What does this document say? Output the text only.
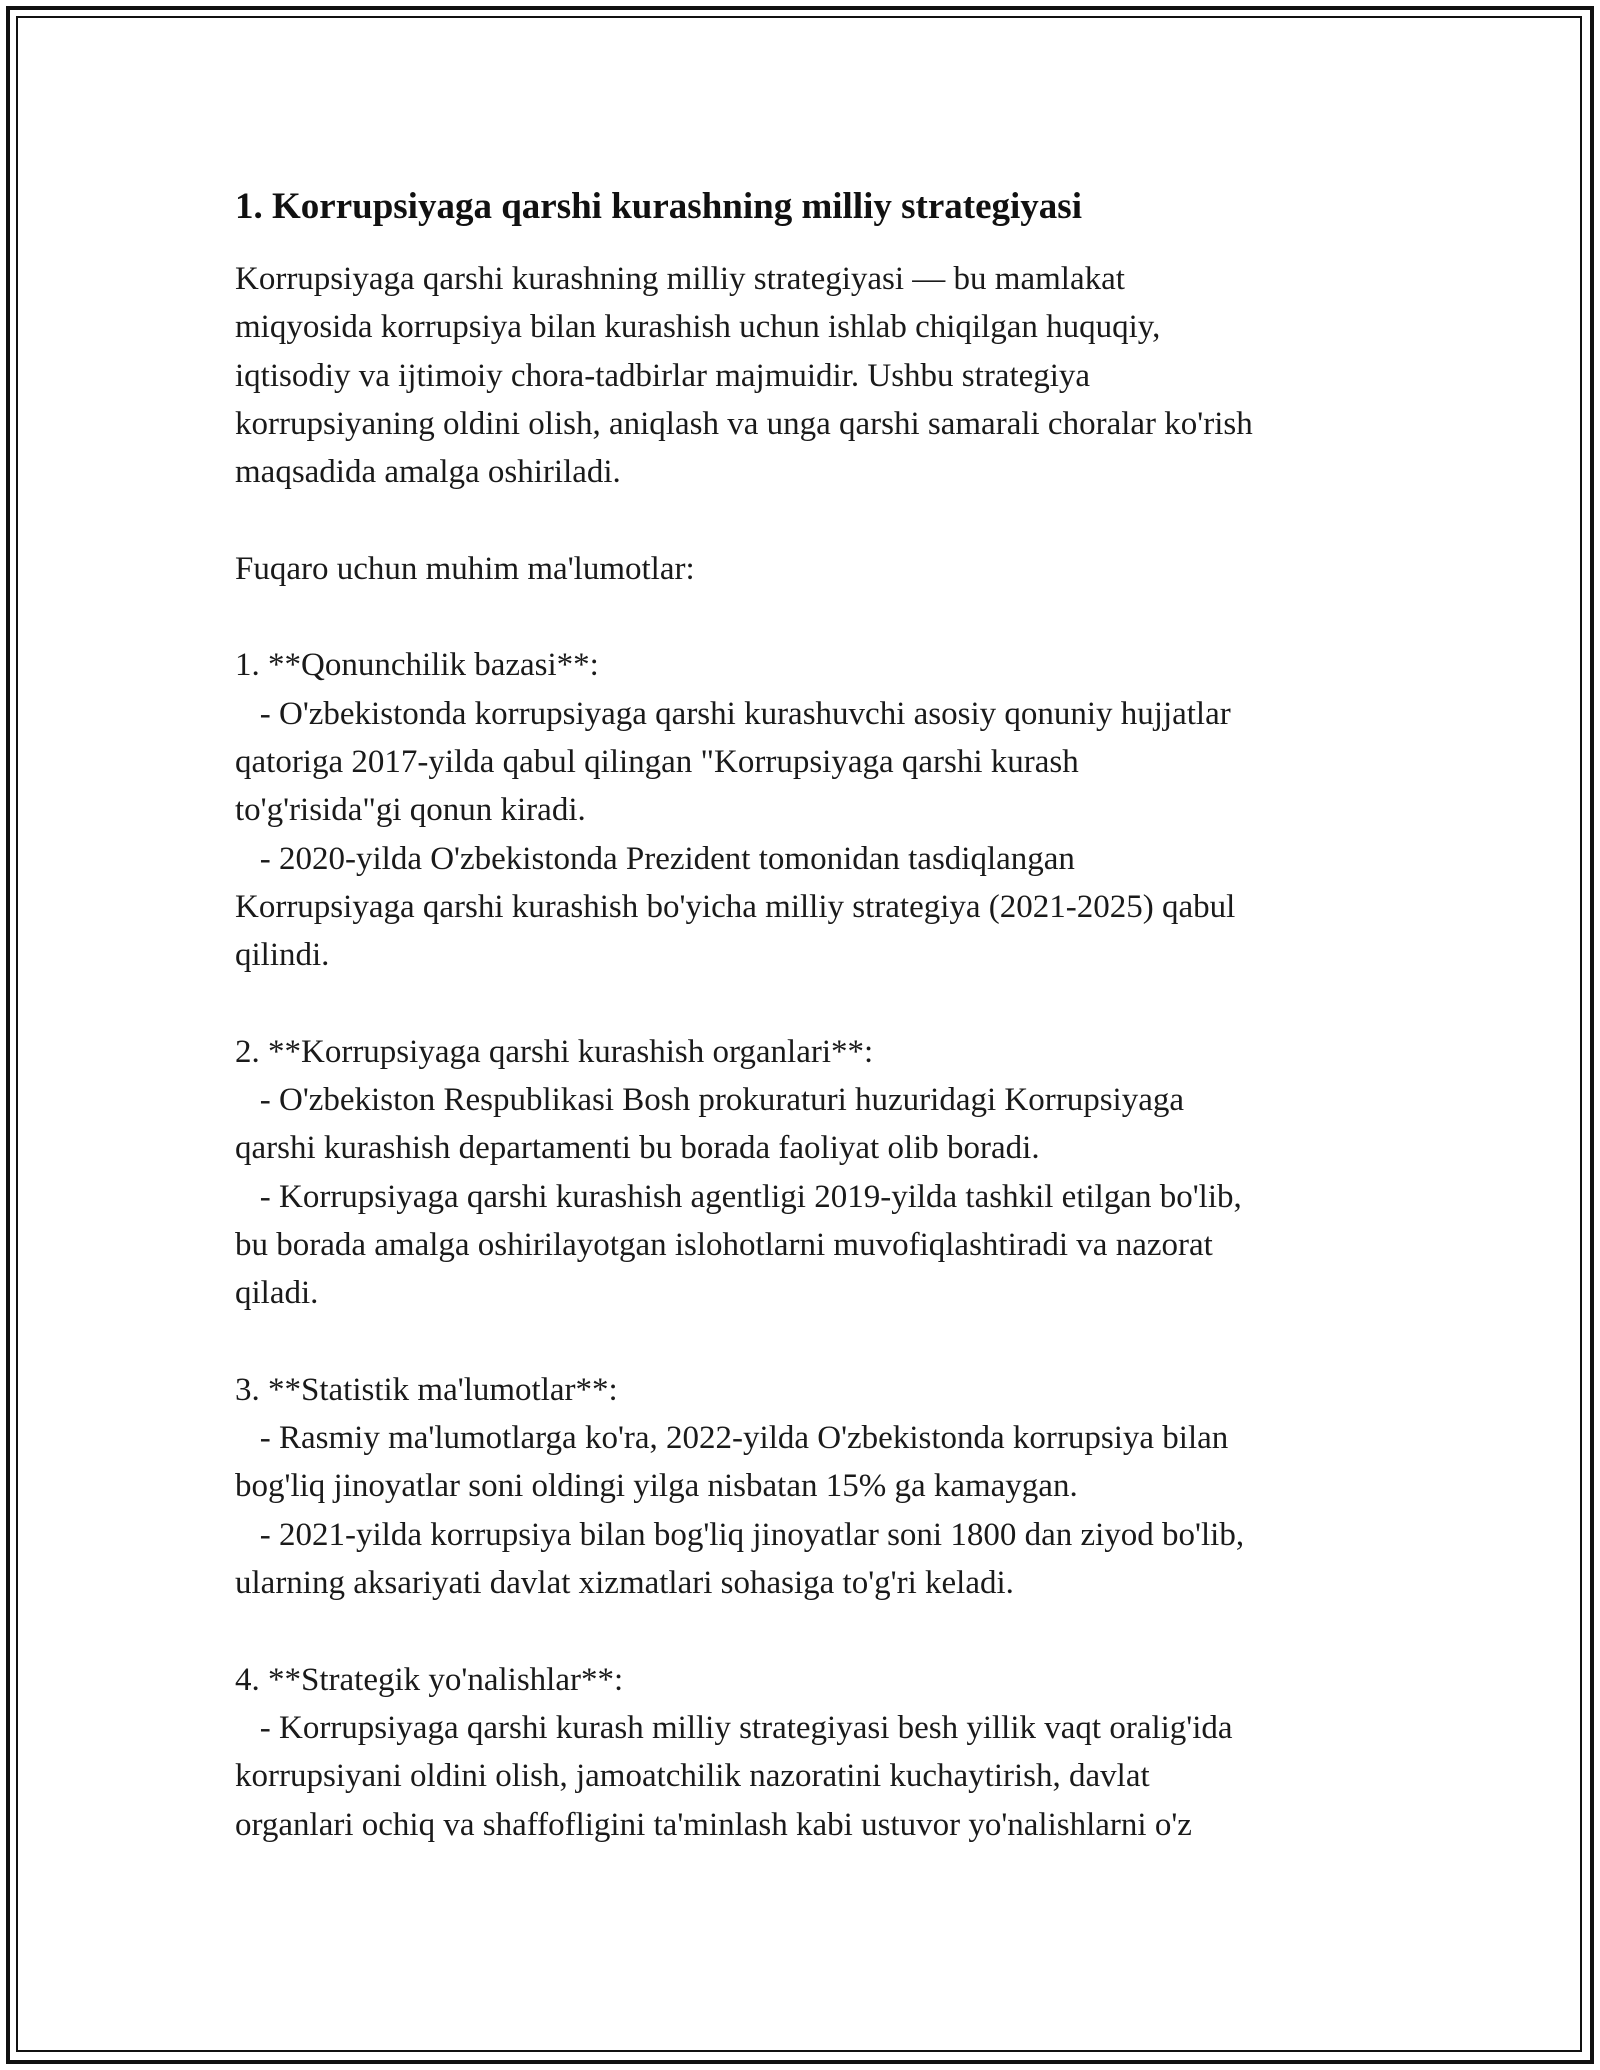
1. Korrupsiyaga qarshi kurashning milliy strategiyasi
Korrupsiyaga qarshi kurashning milliy strategiyasi — bu mamlakat
miqyosida korrupsiya bilan kurashish uchun ishlab chiqilgan huquqiy,
iqtisodiy va ijtimoiy chora-tadbirlar majmuidir. Ushbu strategiya
korrupsiyaning oldini olish, aniqlash va unga qarshi samarali choralar ko'rish
maqsadida amalga oshiriladi.
Fuqaro uchun muhim ma'lumotlar:
1. **Qonunchilik bazasi**:
- O'zbekistonda korrupsiyaga qarshi kurashuvchi asosiy qonuniy hujjatlar
qatoriga 2017-yilda qabul qilingan "Korrupsiyaga qarshi kurash
to'g'risida"gi qonun kiradi.
- 2020-yilda O'zbekistonda Prezident tomonidan tasdiqlangan
Korrupsiyaga qarshi kurashish bo'yicha milliy strategiya (2021-2025) qabul
qilindi.
2. **Korrupsiyaga qarshi kurashish organlari**:
- O'zbekiston Respublikasi Bosh prokuraturi huzuridagi Korrupsiyaga
qarshi kurashish departamenti bu borada faoliyat olib boradi.
- Korrupsiyaga qarshi kurashish agentligi 2019-yilda tashkil etilgan bo'lib,
bu borada amalga oshirilayotgan islohotlarni muvofiqlashtiradi va nazorat
qiladi.
3. **Statistik ma'lumotlar**:
- Rasmiy ma'lumotlarga ko'ra, 2022-yilda O'zbekistonda korrupsiya bilan
bog'liq jinoyatlar soni oldingi yilga nisbatan 15% ga kamaygan.
- 2021-yilda korrupsiya bilan bog'liq jinoyatlar soni 1800 dan ziyod bo'lib,
ularning aksariyati davlat xizmatlari sohasiga to'g'ri keladi.
4. **Strategik yo'nalishlar**:
- Korrupsiyaga qarshi kurash milliy strategiyasi besh yillik vaqt oralig'ida
korrupsiyani oldini olish, jamoatchilik nazoratini kuchaytirish, davlat
organlari ochiq va shaffofligini ta'minlash kabi ustuvor yo'nalishlarni o'z
